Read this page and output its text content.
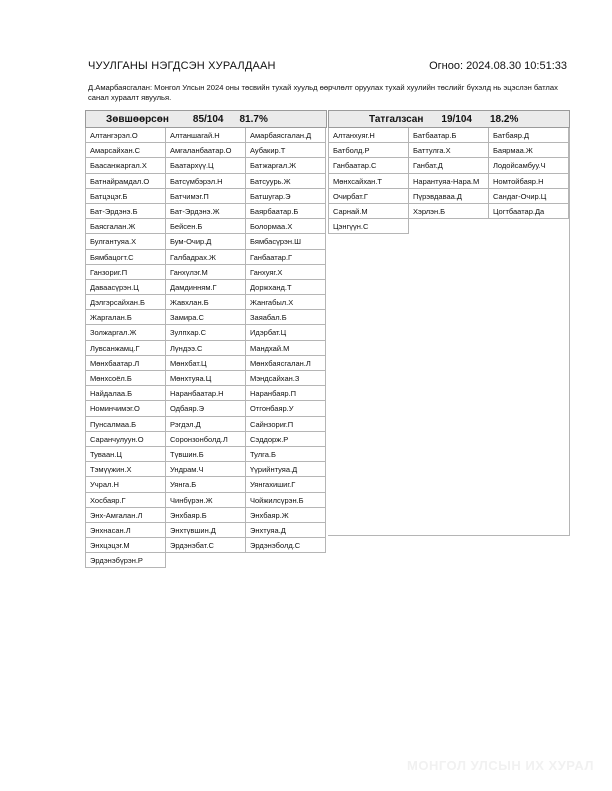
ЧУУЛГАНЫ НЭГДСЭН ХУРАЛДААН	Огноо: 2024.08.30 10:51:33
Д.Амарбаясгалан: Монгол Улсын 2024 оны төсвийн тухай хуульд өөрчлөлт оруулах тухай хуулийн төслийг бүхэлд нь эцэслэн батлах санал хураалт явуулья.
Зөвшөөрсөн 85/104 81.7%
Алтангэрэл.О	Алтаншагай.Н	Амарбаясгалан.Д
Амарсайхан.С	Амгаланбаатар.О	Аубакир.Т
Баасанжаргал.Х	Баатархүү.Ц	Батжаргал.Ж
Батнайрамдал.О	Батсүмбэрэл.Н	Батсуурь.Ж
Батцэцэг.Б	Батчимэг.П	Батшугар.Э
Бат-Эрдэнэ.Б	Бат-Эрдэнэ.Ж	Баярбаатар.Б
Баясгалан.Ж	Бейсен.Б	Болормаа.Х
Булгантуяа.Х	Бум-Очир.Д	Бямбасүрэн.Ш
Бямбацогт.С	Галбадрах.Ж	Ганбаатар.Г
Ганзориг.П	Ганхүлэг.М	Ганхуяг.Х
Даваасүрэн.Ц	Дамдинням.Г	Доржханд.Т
Дэлгэрсайхан.Б	Жавхлан.Б	Жангабыл.Х
Жаргалан.Б	Замира.С	Заяабал.Б
Золжаргал.Ж	Зулпхар.С	Идэрбат.Ц
Лувсанжамц.Г	Лүндээ.С	Мандхай.М
Мөнхбаатар.Л	Мөнхбат.Ц	Мөнхбаясгалан.Л
Мөнхсоёл.Б	Мөнхтуяа.Ц	Мэндсайхан.З
Найдалаа.Б	Наранбаатар.Н	Наранбаяр.П
Номинчимэг.О	Одбаяр.Э	Отгонбаяр.У
Пунсалмаа.Б	Рэгдэл.Д	Сайнзориг.П
Саранчулуун.О	Соронзонболд.Л	Сэддорж.Р
Туваан.Ц	Түвшин.Б	Тулга.Б
Тэмүүжин.Х	Ундрам.Ч	Үүрийнтуяа.Д
Учрал.Н	Уянга.Б	Уянгахишиг.Г
Хосбаяр.Г	Чинбүрэн.Ж	Чойжилсүрэн.Б
Энх-Амгалан.Л	Энхбаяр.Б	Энхбаяр.Ж
Энхнасан.Л	Энхтүвшин.Д	Энхтуяа.Д
Энхцэцэг.М	Эрдэнэбат.С	Эрдэнэболд.С
Эрдэнэбүрэн.Р
Татгалзсан 19/104 18.2%
Алтанхуяг.Н	Батбаатар.Б	Батбаяр.Д
Батболд.Р	Баттулга.Х	Баярмаа.Ж
Ганбаатар.С	Ганбат.Д	Лодойсамбуу.Ч
Мөнхсайхан.Т	Нарантуяа-Нара.М	Номтойбаяр.Н
Очирбат.Г	Пүрэвдаваа.Д	Сандаг-Очир.Ц
Сарнай.М	Хэрлэн.Б	Цогтбаатар.Да
Цэнгүүн.С
МОНГОЛ УЛСЫН ИХ ХУРАЛ
